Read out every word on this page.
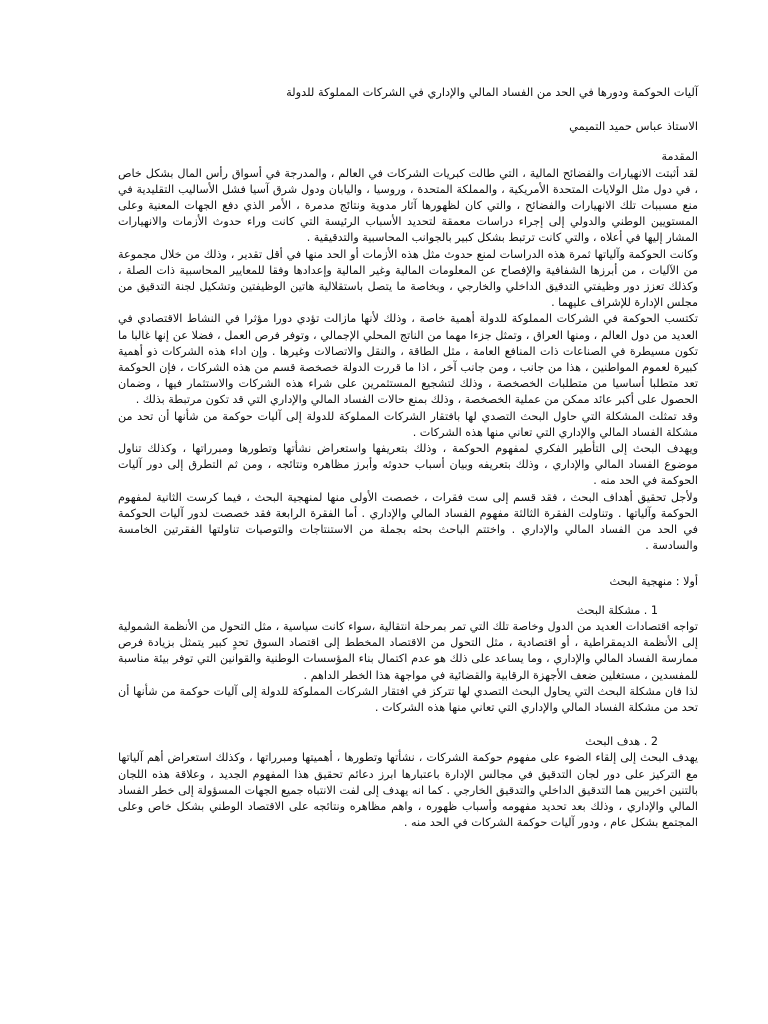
آليات الحوكمة ودورها في الحد من الفساد المالي والإداري في الشركات المملوكة للدولة

الاستاذ عباس حميد التميمي

المقدمة

لقد أثبتت الانهيارات والفضائح المالية ، التي طالت كبريات الشركات في العالم ، والمدرجة في أسواق رأس المال بشكل خاص ، في دول مثل الولايات المتحدة الأمريكية ، والمملكة المتحدة ، وروسيا ، واليابان ودول شرق آسيا فشل الأساليب التقليدية في منع مسببات تلك الانهيارات والفضائح ، والتي كان لظهورها آثار مدوية ونتائج مدمرة ، الأمر الذي دفع الجهات المعنية وعلى المستويين الوطني والدولي إلى إجراء دراسات معمقة لتحديد الأسباب الرئيسة التي كانت وراء حدوث الأزمات والانهيارات المشار إليها في أعلاه ، والتي كانت ترتبط بشكل كبير بالجوانب المحاسبية والتدقيقية .

وكانت الحوكمة وآلياتها ثمرة هذه الدراسات لمنع حدوث مثل هذه الأزمات أو الحد منها في أقل تقدير ، وذلك من خلال مجموعة من الآليات ، من أبرزها الشفافية والإفصاح عن المعلومات المالية وغير المالية وإعدادها وفقا للمعايير المحاسبية ذات الصلة ، وكذلك تعزز دور وظيفتي التدقيق الداخلي والخارجي ، وبخاصة ما يتصل باستقلالية هاتين الوظيفتين وتشكيل لجنة التدقيق من مجلس الإدارة للإشراف عليهما .

تكتسب الحوكمة في الشركات المملوكة للدولة أهمية خاصة ، وذلك لأنها مازالت تؤدي دورا مؤثرا في النشاط الاقتصادي في العديد من دول العالم ، ومنها العراق ، وتمثل جزءا مهما من الناتج المحلي الإجمالي ، وتوفر فرص العمل ، فضلا عن إنها غالبا ما تكون مسيطرة في الصناعات ذات المنافع العامة ، مثل الطاقة ، والنقل والاتصالات وغيرها . وإن اداء هذه الشركات ذو أهمية كبيرة لعموم المواطنين ، هذا من جانب ، ومن جانب آخر ، اذا ما قررت الدولة خصخصة قسم من هذه الشركات ، فإن الحوكمة تعد متطلبا أساسيا من متطلبات الخصخصة ، وذلك لتشجيع المستثمرين على شراء هذه الشركات والاستثمار فيها ، وضمان الحصول على أكبر عائد ممكن من عملية الخصخصة ، وذلك بمنع حالات الفساد المالي والإداري التي قد تكون مرتبطة بذلك .

وقد تمثلت المشكلة التي حاول البحث التصدي لها بافتقار الشركات المملوكة للدولة إلى آليات حوكمة من شأنها أن تحد من مشكلة الفساد المالي والإداري التي تعاني منها هذه الشركات .

ويهدف البحث إلى التأطير الفكري لمفهوم الحوكمة ، وذلك بتعريفها واستعراض نشأتها وتطورها ومبرراتها ، وكذلك تناول موضوع الفساد المالي والإداري ، وذلك بتعريفه وبيان أسباب حدوثه وأبرز مظاهره ونتائجه ، ومن ثم التطرق إلى دور آليات الحوكمة في الحد منه .

ولأجل تحقيق أهداف البحث ، فقد قسم إلى ست فقرات ، خصصت الأولى منها لمنهجية البحث ، فيما كرست الثانية لمفهوم الحوكمة وآلياتها . وتناولت الفقرة الثالثة مفهوم الفساد المالي والإداري . أما الفقرة الرابعة فقد خصصت لدور آليات الحوكمة في الحد من الفساد المالي والإداري . واختتم الباحث بحثه بجملة من الاستنتاجات والتوصيات تناولتها الفقرتين الخامسة والسادسة .

أولا : منهجية البحث

1 . مشكلة البحث

تواجه اقتصادات العديد من الدول وخاصة تلك التي تمر بمرحلة انتقالية ،سواء كانت سياسية ، مثل التحول من الأنظمة الشمولية إلى الأنظمة الديمقراطية ، أو اقتصادية ، مثل التحول من الاقتصاد المخطط إلى اقتصاد السوق تحدٍ كبير يتمثل بزيادة فرص ممارسة الفساد المالي والإداري ، وما يساعد على ذلك هو عدم اكتمال بناء المؤسسات الوطنية والقوانين التي توفر بيئة مناسبة للمفسدين ، مستغلين ضعف الأجهزة الرقابية والقضائية في مواجهة هذا الخطر الداهم .

لذا فان مشكلة البحث التي يحاول البحث التصدي لها تتركز في افتقار الشركات المملوكة للدولة إلى آليات حوكمة من شأنها أن تحد من مشكلة الفساد المالي والإداري التي تعاني منها هذه الشركات .

2 . هدف البحث

يهدف البحث إلى إلقاء الضوء على مفهوم حوكمة الشركات ، نشأتها وتطورها ، أهميتها ومبرراتها ، وكذلك استعراض أهم آلياتها مع التركيز على دور لجان التدقيق في مجالس الإدارة باعتبارها ابرز دعائم تحقيق هذا المفهوم الجديد ، وعلاقة هذه اللجان بالتنين اخريين هما التدقيق الداخلي والتدقيق الخارجي . كما انه يهدف إلى لفت الانتباه جميع الجهات المسؤولة إلى خطر الفساد المالي والإداري ، وذلك بعد تحديد مفهومه وأسباب ظهوره ، واهم مظاهره ونتائجه على الاقتصاد الوطني بشكل خاص وعلى المجتمع بشكل عام ، ودور آليات حوكمة الشركات في الحد منه .
